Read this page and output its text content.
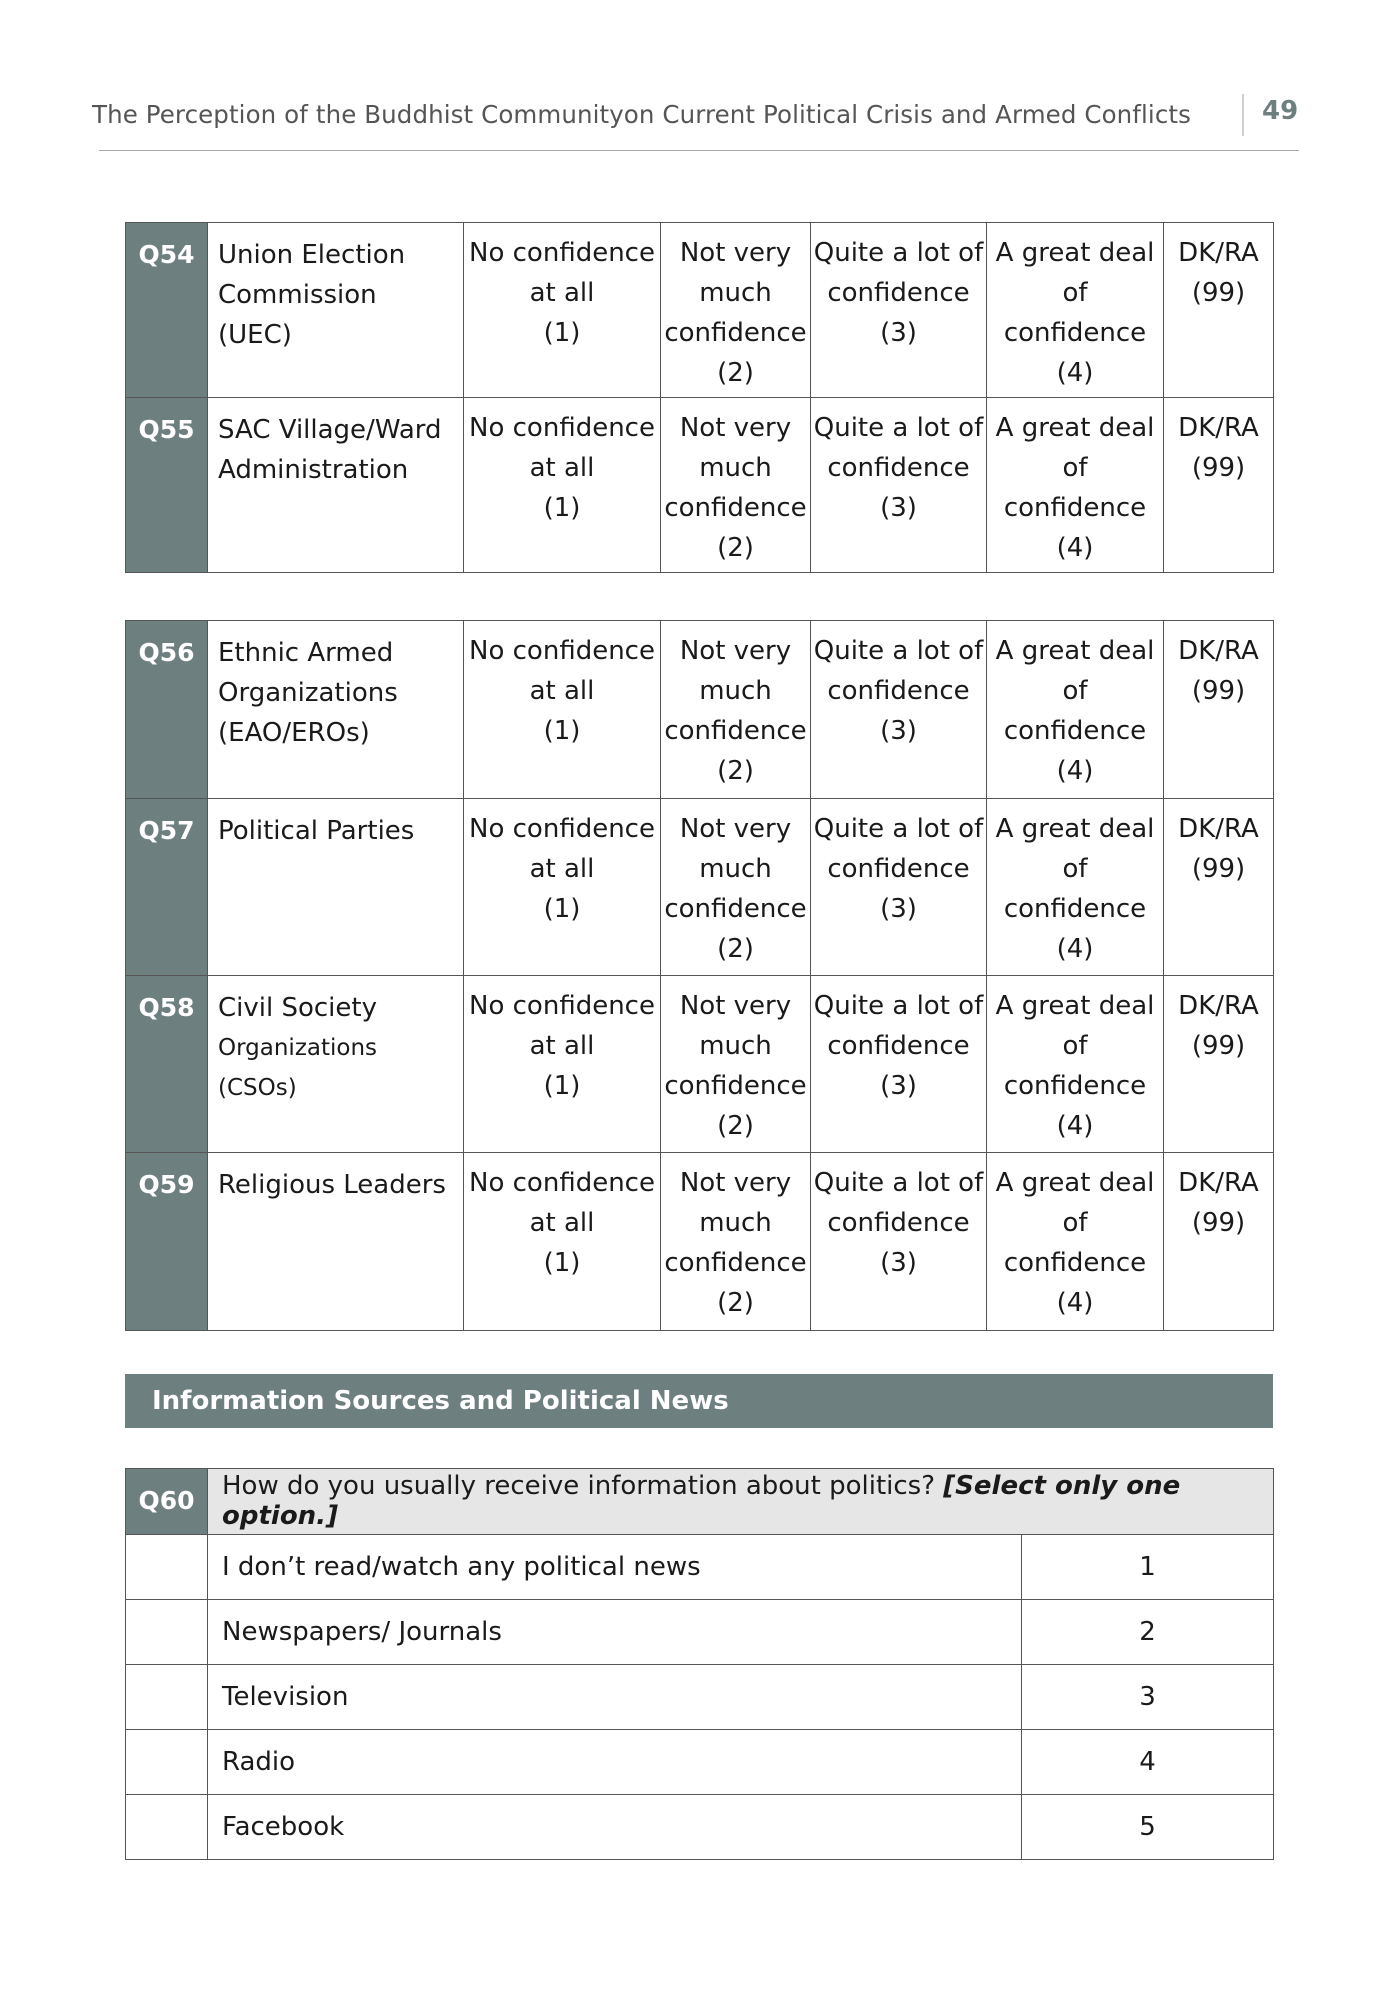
The Perception of the Buddhist Communityon Current Political Crisis and Armed Conflicts	49
Q54	Union Election Commission (UEC)	No confidence
at all
(1)	Not very
much
confidence
(2)	Quite a lot of
confidence
(3)	A great deal
of confidence
(4)	DK/RA
(99)

Q55	SAC Village/Ward Administration	No confidence
at all
(1)	Not very
much
confidence
(2)	Quite a lot of
confidence
(3)	A great deal
of confidence
(4)	DK/RA
(99)
Q56	Ethnic Armed Organizations (EAO/EROs)	No confidence
at all
(1)	Not very
much
confidence
(2)	Quite a lot of
confidence
(3)	A great deal
of confidence
(4)	DK/RA
(99)

Q57	Political Parties	No confidence
at all
(1)	Not very
much
confidence
(2)	Quite a lot of
confidence
(3)	A great deal
of confidence
(4)	DK/RA
(99)

Q58	Civil Society
Organizations (CSOs)	No confidence
at all
(1)	Not very
much
confidence
(2)	Quite a lot of
confidence
(3)	A great deal
of confidence
(4)	DK/RA
(99)

Q59	Religious Leaders	No confidence
at all
(1)	Not very
much
confidence
(2)	Quite a lot of
confidence
(3)	A great deal
of confidence
(4)	DK/RA
(99)
Information Sources and Political News
Q60	How do you usually receive information about politics? [Select only one option.]	
	I don’t read/watch any political news	1
	Newspapers/ Journals	2
	Television	3
	Radio	4
	Facebook	5
